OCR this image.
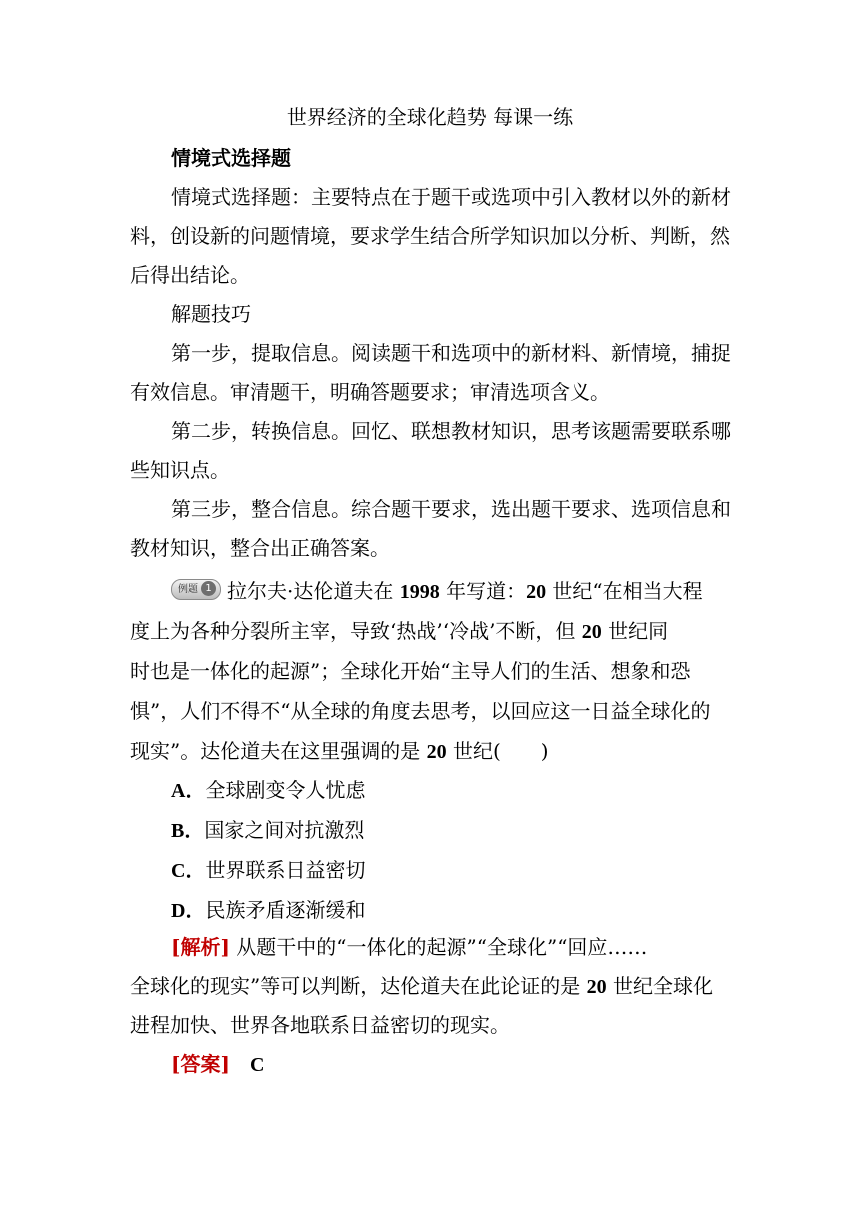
世界经济的全球化趋势 每课一练
情境式选择题
情境式选择题：主要特点在于题干或选项中引入教材以外的新材
料，创设新的问题情境，要求学生结合所学知识加以分析、判断，然
后得出结论。
解题技巧
第一步，提取信息。阅读题干和选项中的新材料、新情境，捕捉
有效信息。审清题干，明确答题要求；审清选项含义。
第二步，转换信息。回忆、联想教材知识，思考该题需要联系哪
些知识点。
第三步，整合信息。综合题干要求，选出题干要求、选项信息和
教材知识，整合出正确答案。
例题 1 拉尔夫·达伦道夫在 1998 年写道：20 世纪“在相当大程
度上为各种分裂所主宰，导致‘热战’‘冷战’不断，但 20 世纪同
时也是一体化的起源”；全球化开始“主导人们的生活、想象和恐
惧”，人们不得不“从全球的角度去思考，以回应这一日益全球化的
现实”。达伦道夫在这里强调的是 20 世纪(　　)
A．全球剧变令人忧虑
B．国家之间对抗激烈
C．世界联系日益密切
D．民族矛盾逐渐缓和
[解析] 从题干中的“一体化的起源”“全球化”“回应……
全球化的现实”等可以判断，达伦道夫在此论证的是 20 世纪全球化
进程加快、世界各地联系日益密切的现实。
[答案] C
